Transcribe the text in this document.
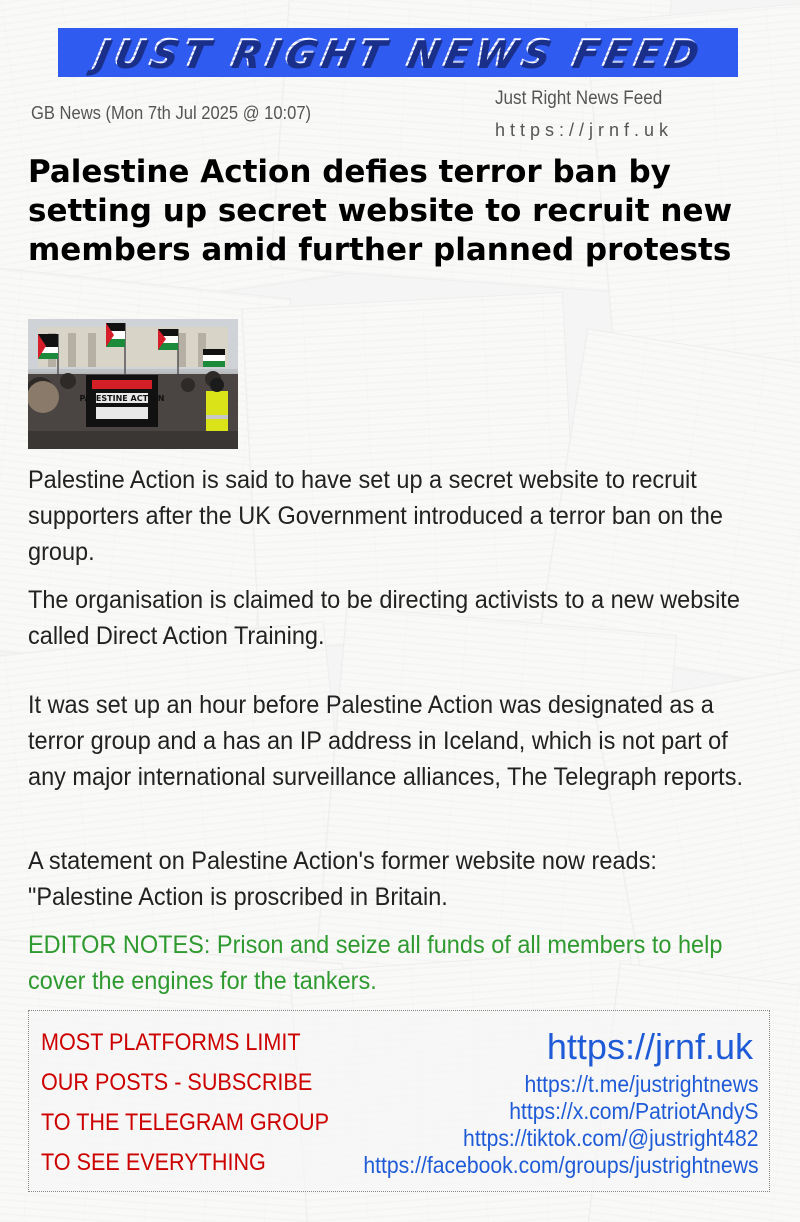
JUST RIGHT NEWS FEED
GB News (Mon 7th Jul 2025 @ 10:07)
Just Right News Feed
https://jrnf.uk
Palestine Action defies terror ban by setting up secret website to recruit new members amid further planned protests
PALESTINE ACTION

Palestine Action is said to have set up a secret website to recruit supporters after the UK Government introduced a terror ban on the group.

The organisation is claimed to be directing activists to a new website called Direct Action Training.

It was set up an hour before Palestine Action was designated as a terror group and a has an IP address in Iceland, which is not part of any major international surveillance alliances, The Telegraph reports.

A statement on Palestine Action's former website now reads: "Palestine Action is proscribed in Britain.

EDITOR NOTES: Prison and seize all funds of all members to help cover the engines for the tankers.

MOST PLATFORMS LIMIT
OUR POSTS - SUBSCRIBE
TO THE TELEGRAM GROUP
TO SEE EVERYTHING
https://jrnf.uk
https://t.me/justrightnews
https://x.com/PatriotAndyS
https://tiktok.com/@justright482
https://facebook.com/groups/justrightnews
